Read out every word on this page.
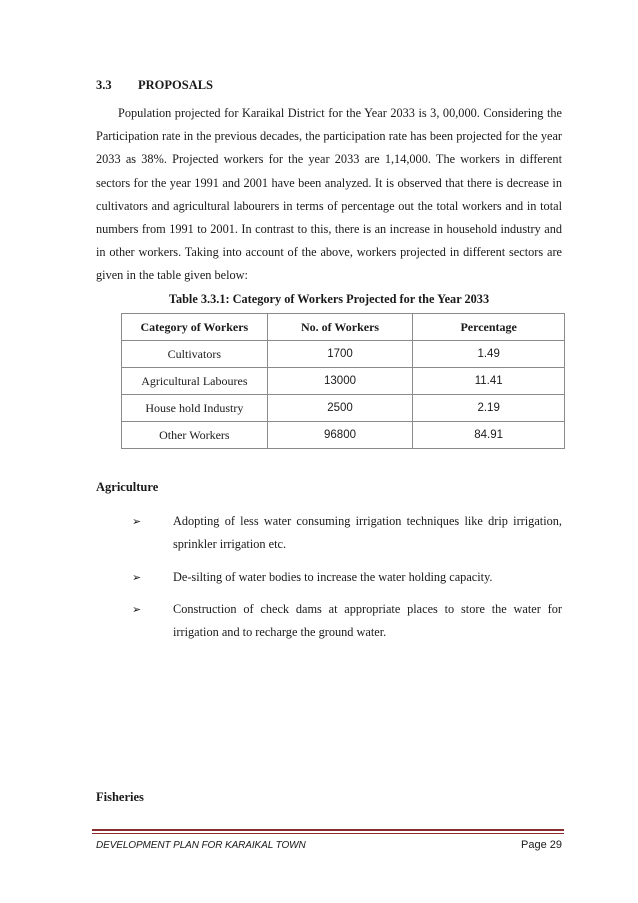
3.3 PROPOSALS
Population projected for Karaikal District for the Year 2033 is 3, 00,000. Considering the Participation rate in the previous decades, the participation rate has been projected for the year 2033 as 38%. Projected workers for the year 2033 are 1,14,000. The workers in different sectors for the year 1991 and 2001 have been analyzed. It is observed that there is decrease in cultivators and agricultural labourers in terms of percentage out the total workers and in total numbers from 1991 to 2001. In contrast to this, there is an increase in household industry and in other workers. Taking into account of the above, workers projected in different sectors are given in the table given below:
Table 3.3.1: Category of Workers Projected for the Year 2033
Category of Workers	No. of Workers	Percentage
Cultivators	1700	1.49
Agricultural Laboures	13000	11.41
House hold Industry	2500	2.19
Other Workers	96800	84.91
Agriculture
➢	Adopting of less water consuming irrigation techniques like drip irrigation, sprinkler irrigation etc.
➢	De-silting of water bodies to increase the water holding capacity.
➢	Construction of check dams at appropriate places to store the water for irrigation and to recharge the ground water.
Fisheries
DEVELOPMENT PLAN FOR KARAIKAL TOWN	Page 29
